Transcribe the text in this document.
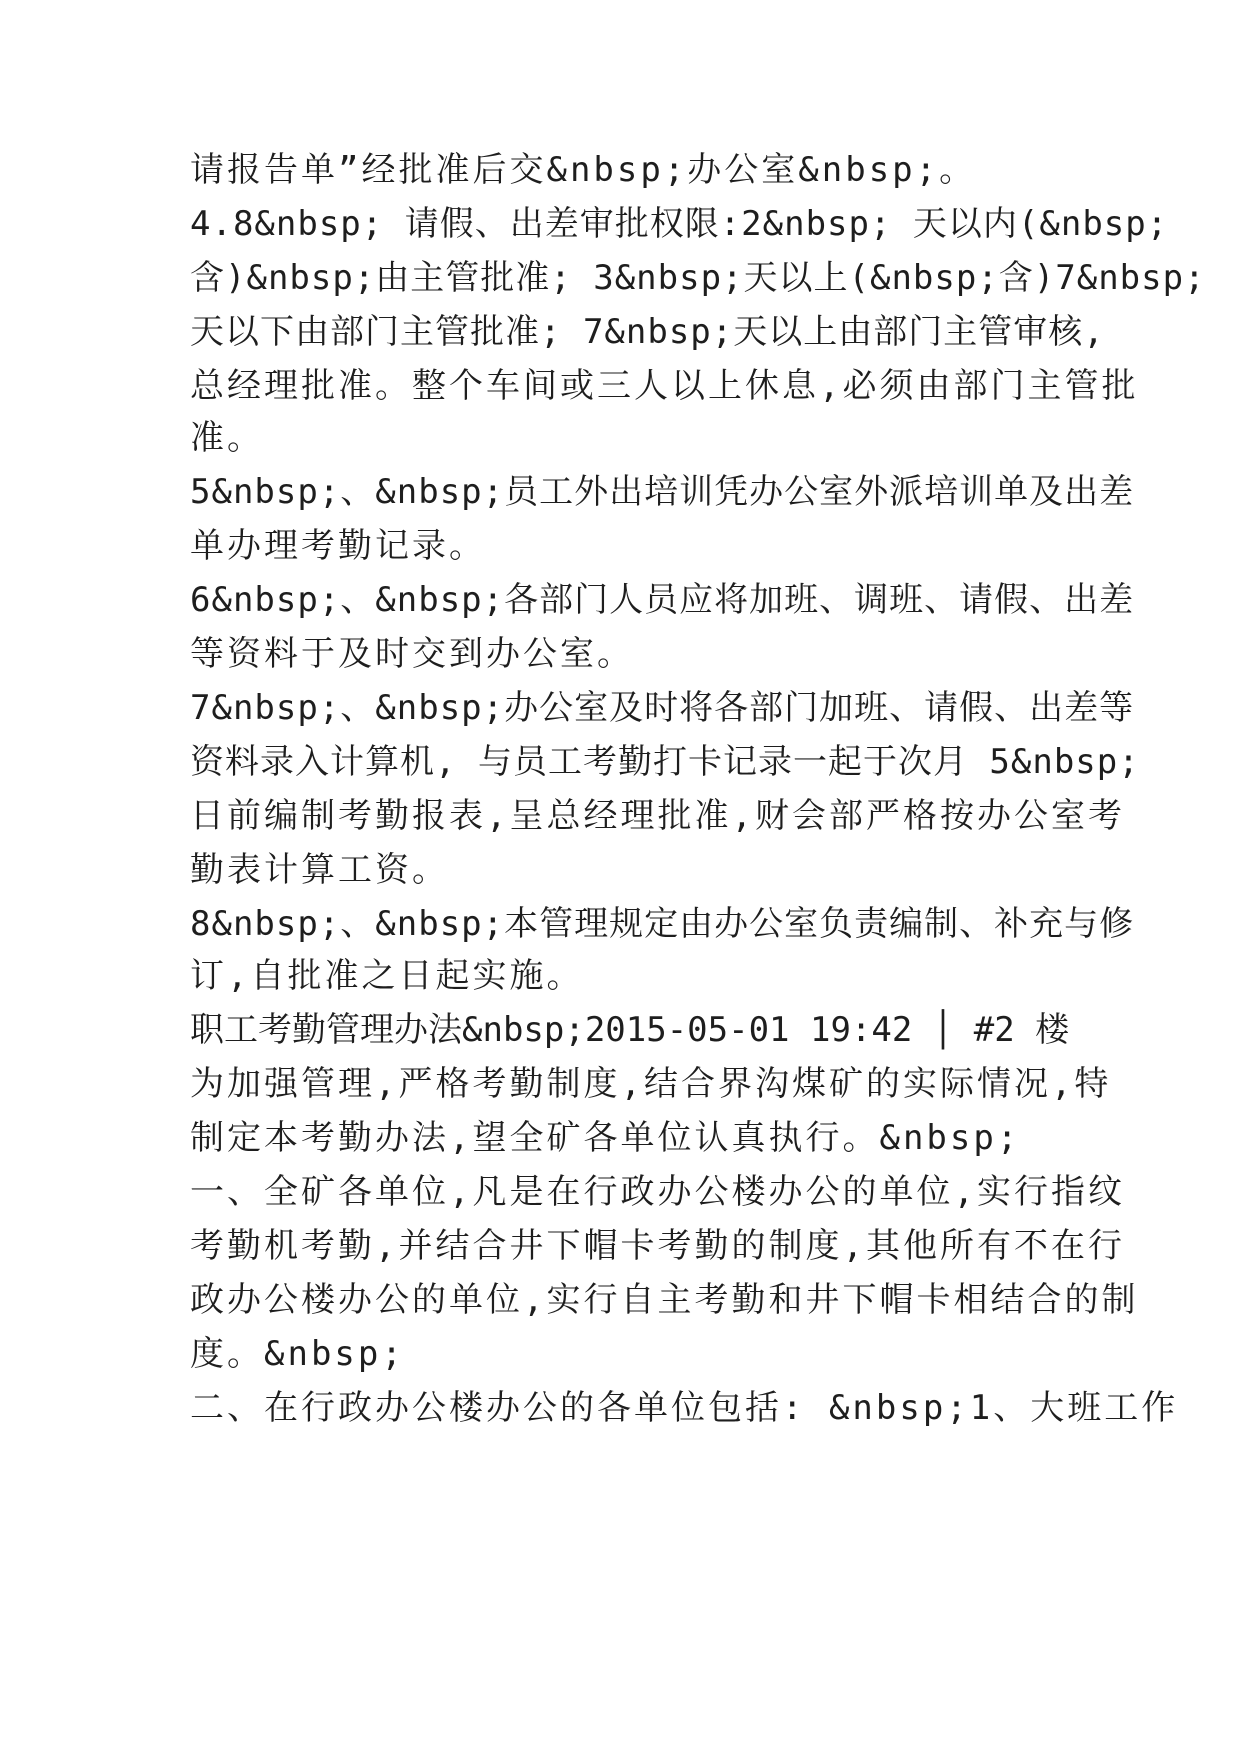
请报告单”经批准后交&nbsp;办公室&nbsp;。
4.8&nbsp; 请假、出差审批权限:2&nbsp; 天以内(&nbsp;
含)&nbsp;由主管批准; 3&nbsp;天以上(&nbsp;含)7&nbsp;
天以下由部门主管批准; 7&nbsp;天以上由部门主管审核,
总经理批准。整个车间或三人以上休息,必须由部门主管批
准。
5&nbsp;、&nbsp;员工外出培训凭办公室外派培训单及出差
单办理考勤记录。
6&nbsp;、&nbsp;各部门人员应将加班、调班、请假、出差
等资料于及时交到办公室。
7&nbsp;、&nbsp;办公室及时将各部门加班、请假、出差等
资料录入计算机, 与员工考勤打卡记录一起于次月 5&nbsp;
日前编制考勤报表,呈总经理批准,财会部严格按办公室考
勤表计算工资。
8&nbsp;、&nbsp;本管理规定由办公室负责编制、补充与修
订,自批准之日起实施。
职工考勤管理办法&nbsp;2015-05-01 19:42 │ #2 楼
为加强管理,严格考勤制度,结合界沟煤矿的实际情况,特
制定本考勤办法,望全矿各单位认真执行。&nbsp;
一、全矿各单位,凡是在行政办公楼办公的单位,实行指纹
考勤机考勤,并结合井下帽卡考勤的制度,其他所有不在行
政办公楼办公的单位,实行自主考勤和井下帽卡相结合的制
度。&nbsp;
二、在行政办公楼办公的各单位包括: &nbsp;1、大班工作
